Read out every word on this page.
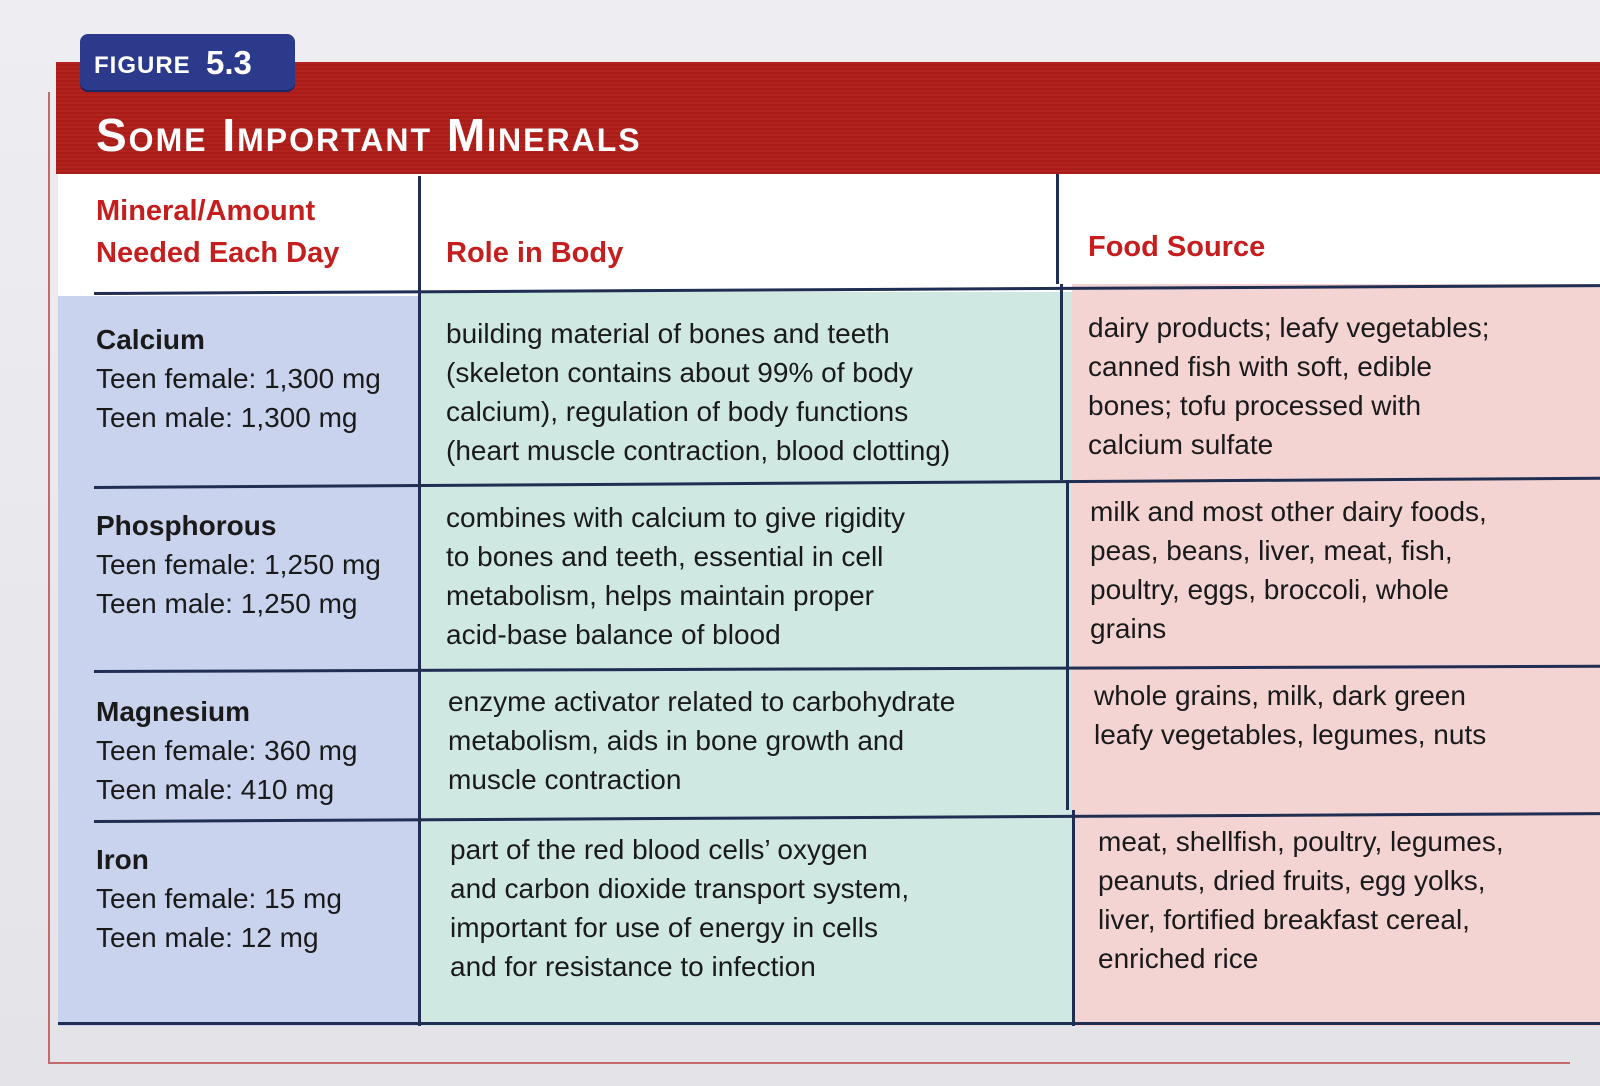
Some Important Minerals
FIGURE 5.3
Mineral/Amount
Needed Each Day	Role in Body	Food Source
Calcium
Teen female: 1,300 mg
Teen male: 1,300 mg
building material of bones and teeth
(skeleton contains about 99% of body
calcium), regulation of body functions
(heart muscle contraction, blood clotting)
dairy products; leafy vegetables;
canned fish with soft, edible
bones; tofu processed with
calcium sulfate
Phosphorous
Teen female: 1,250 mg
Teen male: 1,250 mg
combines with calcium to give rigidity
to bones and teeth, essential in cell
metabolism, helps maintain proper
acid-base balance of blood
milk and most other dairy foods,
peas, beans, liver, meat, fish,
poultry, eggs, broccoli, whole
grains
Magnesium
Teen female: 360 mg
Teen male: 410 mg
enzyme activator related to carbohydrate
metabolism, aids in bone growth and
muscle contraction
whole grains, milk, dark green
leafy vegetables, legumes, nuts
Iron
Teen female: 15 mg
Teen male: 12 mg
part of the red blood cells’ oxygen
and carbon dioxide transport system,
important for use of energy in cells
and for resistance to infection
meat, shellfish, poultry, legumes,
peanuts, dried fruits, egg yolks,
liver, fortified breakfast cereal,
enriched rice
